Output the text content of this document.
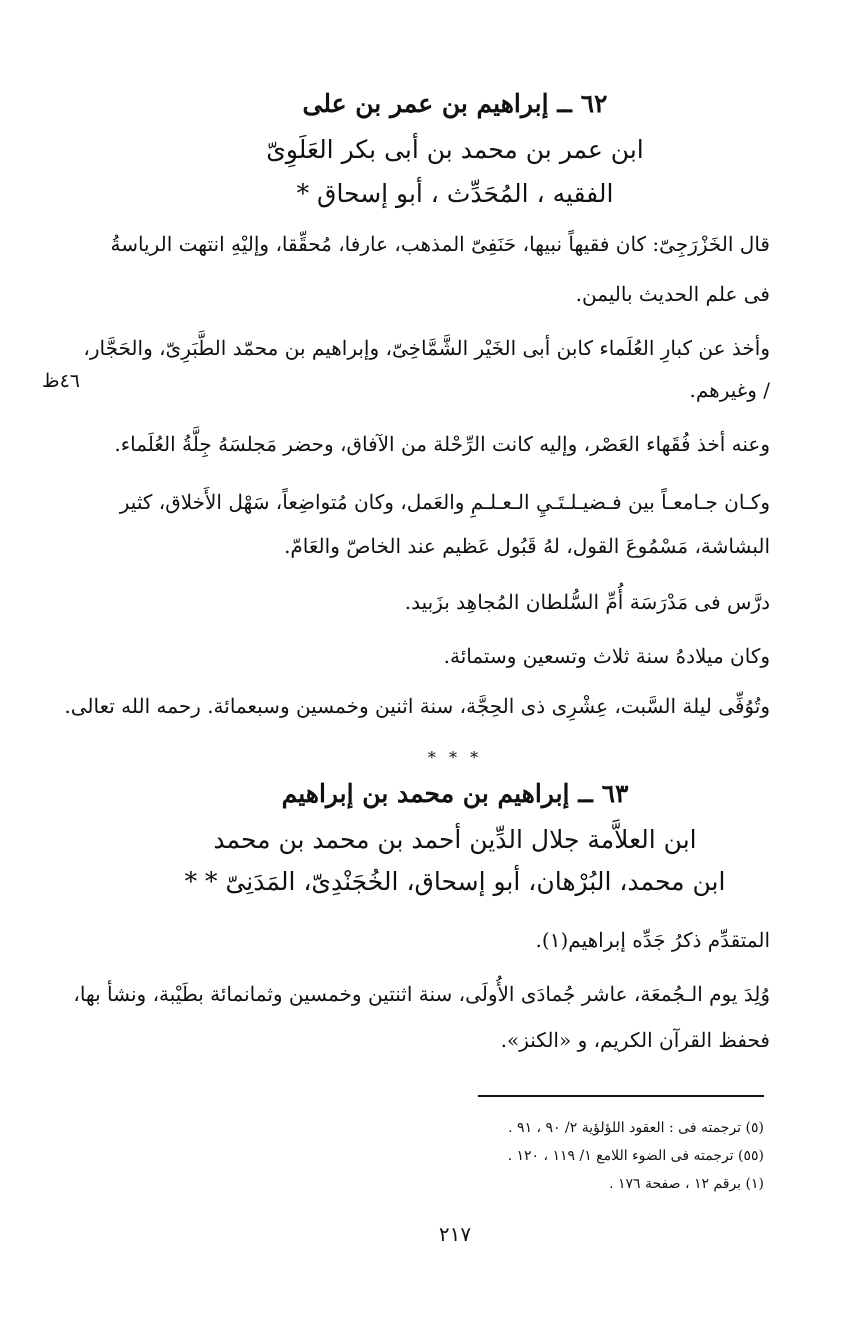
٦٢ ــ إبراهيم بن عمر بن على
ابن عمر بن محمد بن أبى بكر العَلَوِىّ
الفقيه ، المُحَدِّث ، أبو إسحاق *
قال الخَزْرَجِىّ: كان فقيهاً نبيها، حَنَفِىّ المذهب، عارفا، مُحقِّقا، وإليْهِ انتهت الرياسةُ
فى علم الحديث باليمن.
وأخذ عن كبارِ العُلَماء كابن أبى الخَيْر الشَّمَّاخِىّ، وإبراهيم بن محمّد الطَّبَرِىّ، والحَجَّار،
/ وغيرهم.
٤٦ظ
وعنه أخذ فُقَهاء العَصْر، وإليه كانت الرِّحْلة من الآفاق، وحضر مَجلسَهُ جِلَّةُ العُلَماء.
وكـان جـامعـاً بين فـضيـلـتَـيِ الـعـلـمِ والعَمل، وكان مُتواضِعاً، سَهْل الأَخلاق، كثير
البشاشة، مَسْمُوعَ القول، لهُ قَبُول عَظيم عند الخاصّ والعَامّ.
درَّس فى مَدْرَسَة أُمِّ السُّلطان المُجاهِد بزَبيد.
وكان ميلادهُ سنة ثلاث وتسعين وستمائة.
وتُوُفِّى ليلة السَّبت، عِشْرِى ذى الحِجَّة، سنة اثنين وخمسين وسبعمائة. رحمه الله تعالى.
* * *
٦٣ ــ إبراهيم بن محمد بن إبراهيم
ابن العلاَّمة جلال الدِّين أحمد بن محمد بن محمد
ابن محمد، البُرْهان، أبو إسحاق، الخُجَنْدِىّ، المَدَنِىّ * *
المتقدِّم ذكرُ جَدِّه إبراهيم(١).
وُلِدَ يوم الـجُمعَة، عاشر جُمادَى الأُولَى، سنة اثنتين وخمسين وثمانمائة بطَيْبة، ونشأ بها،
فحفظ القرآن الكريم، و «الكنز».
(٥) ترجمته فى : العقود اللؤلؤية ٢/ ٩٠ ، ٩١ .
(٥٥) ترجمته فى الضوء اللامع ١/ ١١٩ ، ١٢٠ .
(١) برقم ١٢ ، صفحة ١٧٦ .
٢١٧
